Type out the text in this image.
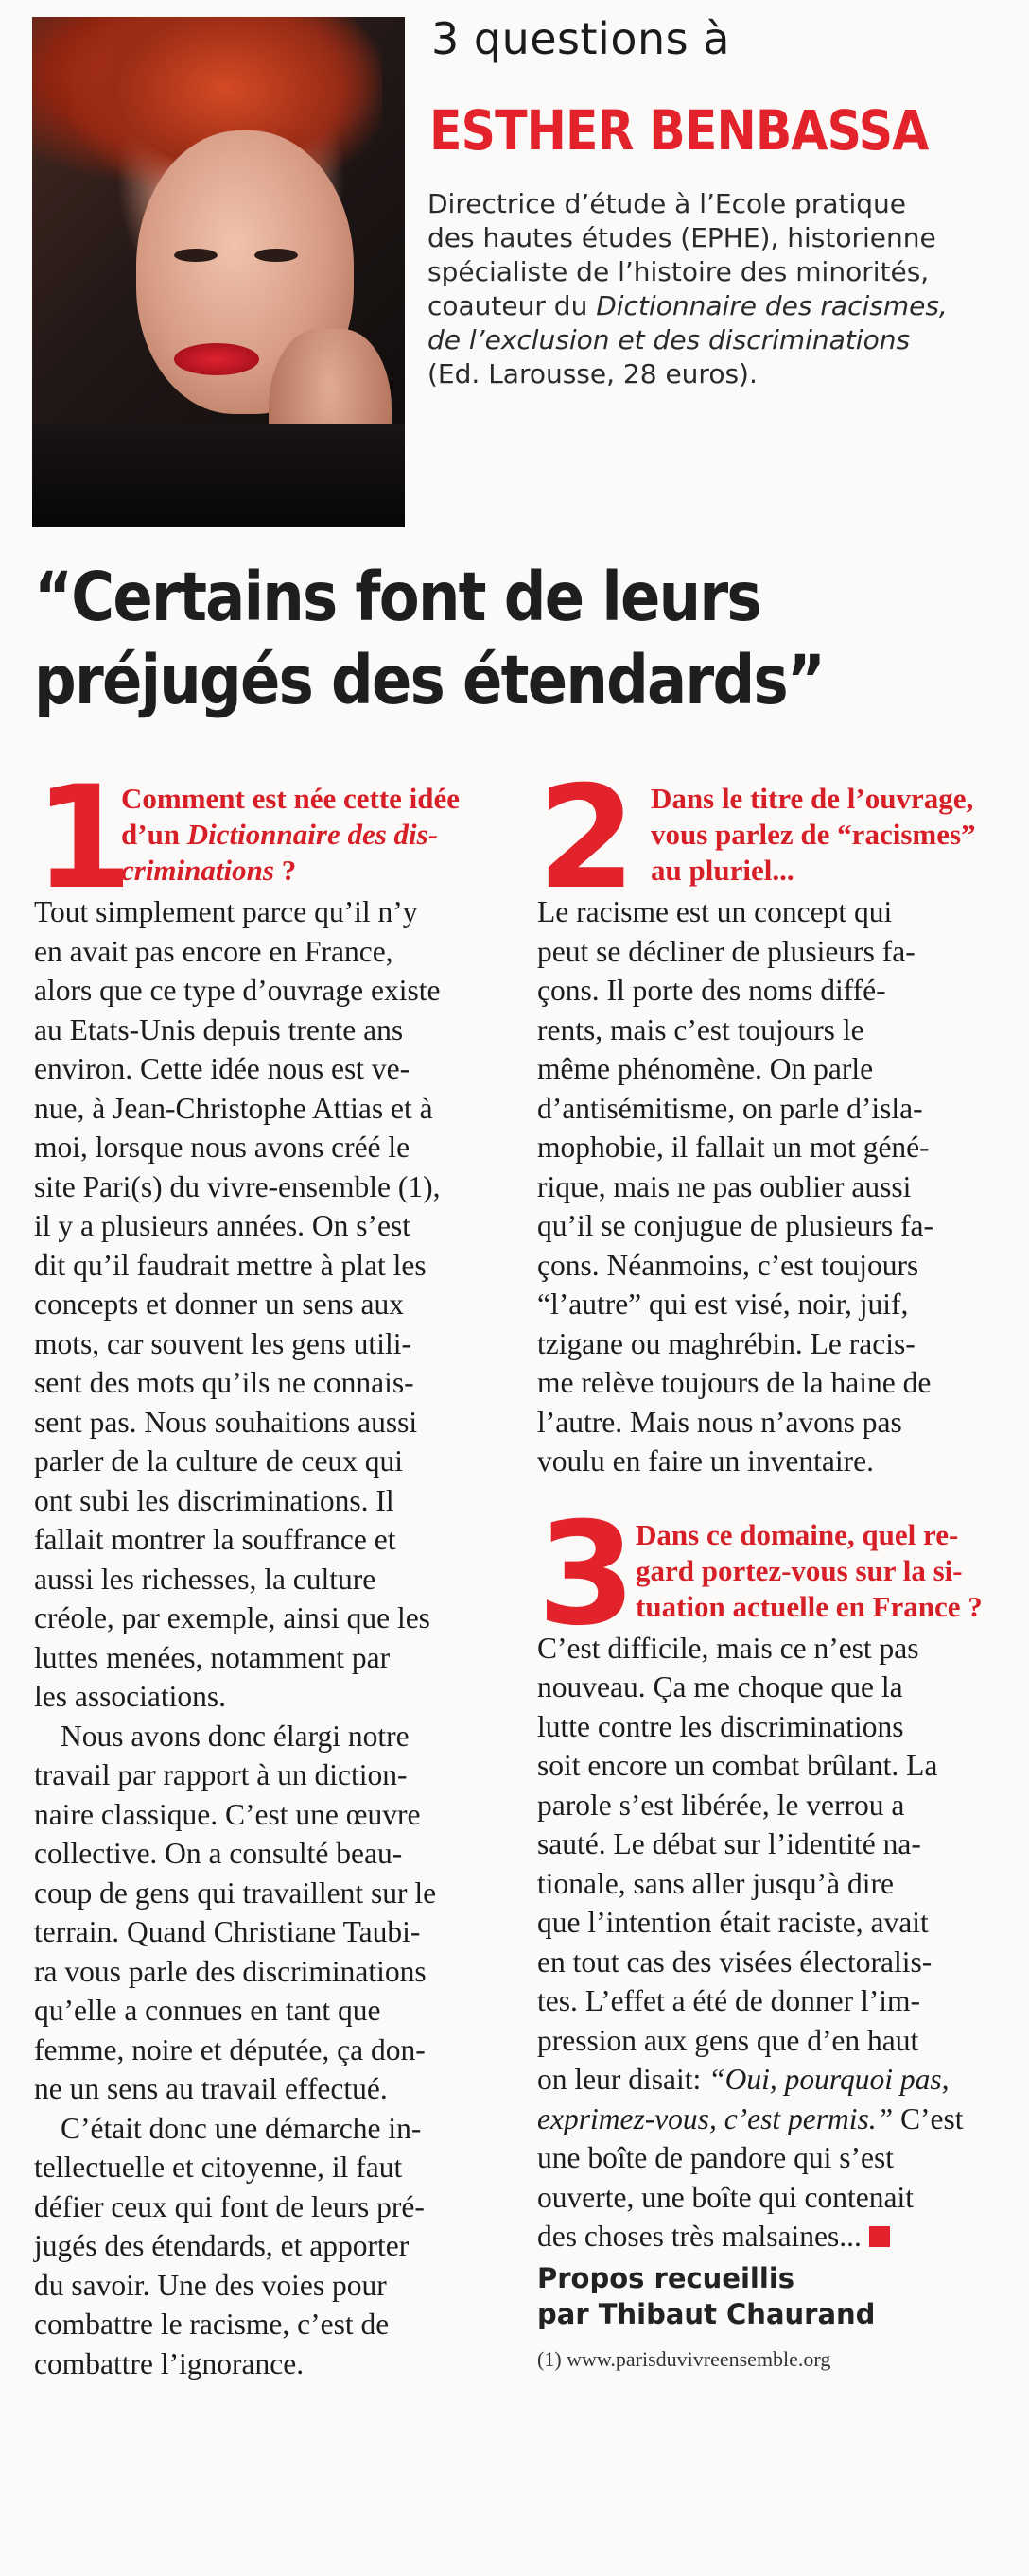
3 questions à
ESTHER BENBASSA
Directrice d’étude à l’Ecole pratique
des hautes études (EPHE), historienne
spécialiste de l’histoire des minorités,
coauteur du Dictionnaire des racismes,
de l’exclusion et des discriminations
(Ed. Larousse, 28 euros).
“Certains font de leurs
préjugés des étendards”
1
Comment est née cette idée
d’un Dictionnaire des dis-
criminations ?
Tout simplement parce qu’il n’y
en avait pas encore en France,
alors que ce type d’ouvrage existe
au Etats-Unis depuis trente ans
environ. Cette idée nous est ve-
nue, à Jean-Christophe Attias et à
moi, lorsque nous avons créé le
site Pari(s) du vivre-ensemble (1),
il y a plusieurs années. On s’est
dit qu’il faudrait mettre à plat les
concepts et donner un sens aux
mots, car souvent les gens utili-
sent des mots qu’ils ne connais-
sent pas. Nous souhaitions aussi
parler de la culture de ceux qui
ont subi les discriminations. Il
fallait montrer la souffrance et
aussi les richesses, la culture
créole, par exemple, ainsi que les
luttes menées, notamment par
les associations.
Nous avons donc élargi notre
travail par rapport à un diction-
naire classique. C’est une œuvre
collective. On a consulté beau-
coup de gens qui travaillent sur le
terrain. Quand Christiane Taubi-
ra vous parle des discriminations
qu’elle a connues en tant que
femme, noire et députée, ça don-
ne un sens au travail effectué.
C’était donc une démarche in-
tellectuelle et citoyenne, il faut
défier ceux qui font de leurs pré-
jugés des étendards, et apporter
du savoir. Une des voies pour
combattre le racisme, c’est de
combattre l’ignorance.
2 Dans le titre de l’ouvrage,
vous parlez de “racismes”
au pluriel...
Le racisme est un concept qui
peut se décliner de plusieurs fa-
çons. Il porte des noms diffé-
rents, mais c’est toujours le
même phénomène. On parle
d’antisémitisme, on parle d’isla-
mophobie, il fallait un mot géné-
rique, mais ne pas oublier aussi
qu’il se conjugue de plusieurs fa-
çons. Néanmoins, c’est toujours
“l’autre” qui est visé, noir, juif,
tzigane ou maghrébin. Le racis-
me relève toujours de la haine de
l’autre. Mais nous n’avons pas
voulu en faire un inventaire.
3 Dans ce domaine, quel re-
gard portez-vous sur la si-
tuation actuelle en France ?
C’est difficile, mais ce n’est pas
nouveau. Ça me choque que la
lutte contre les discriminations
soit encore un combat brûlant. La
parole s’est libérée, le verrou a
sauté. Le débat sur l’identité na-
tionale, sans aller jusqu’à dire
que l’intention était raciste, avait
en tout cas des visées électoralis-
tes. L’effet a été de donner l’im-
pression aux gens que d’en haut
on leur disait: “Oui, pourquoi pas,
exprimez-vous, c’est permis.” C’est
une boîte de pandore qui s’est
ouverte, une boîte qui contenait
des choses très malsaines...
Propos recueillis
par Thibaut Chaurand
(1) www.parisduvivreensemble.org
